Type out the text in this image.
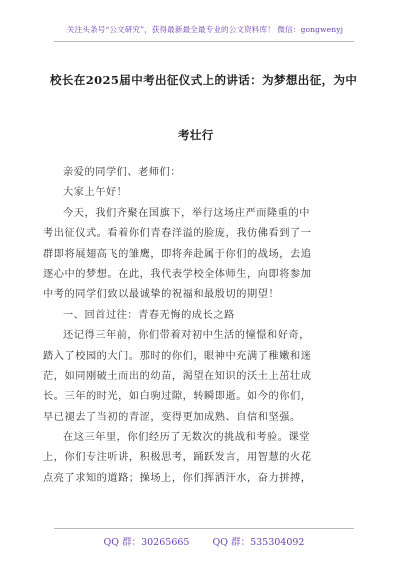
关注头条号“公文研究”，获得最新最全最专业的公文资料库！ 微信：gongwenyj
校长在2025届中考出征仪式上的讲话：为梦想出征，为中
考壮行
亲爱的同学们、老师们：
大家上午好！
今天，我们齐聚在国旗下，举行这场庄严而隆重的中
考出征仪式。看着你们青春洋溢的脸庞，我仿佛看到了一
群即将展翅高飞的雏鹰，即将奔赴属于你们的战场，去追
逐心中的梦想。在此，我代表学校全体师生，向即将参加
中考的同学们致以最诚挚的祝福和最殷切的期望！
一、回首过往：青春无悔的成长之路
还记得三年前，你们带着对初中生活的憧憬和好奇，
踏入了校园的大门。那时的你们，眼神中充满了稚嫩和迷
茫，如同刚破土而出的幼苗，渴望在知识的沃土上茁壮成
长。三年的时光，如白驹过隙，转瞬即逝。如今的你们，
早已褪去了当初的青涩，变得更加成熟、自信和坚强。
在这三年里，你们经历了无数次的挑战和考验。课堂
上，你们专注听讲，积极思考，踊跃发言，用智慧的火花
点亮了求知的道路；操场上，你们挥洒汗水，奋力拼搏，
QQ 群：30265665 QQ 群：535304092
